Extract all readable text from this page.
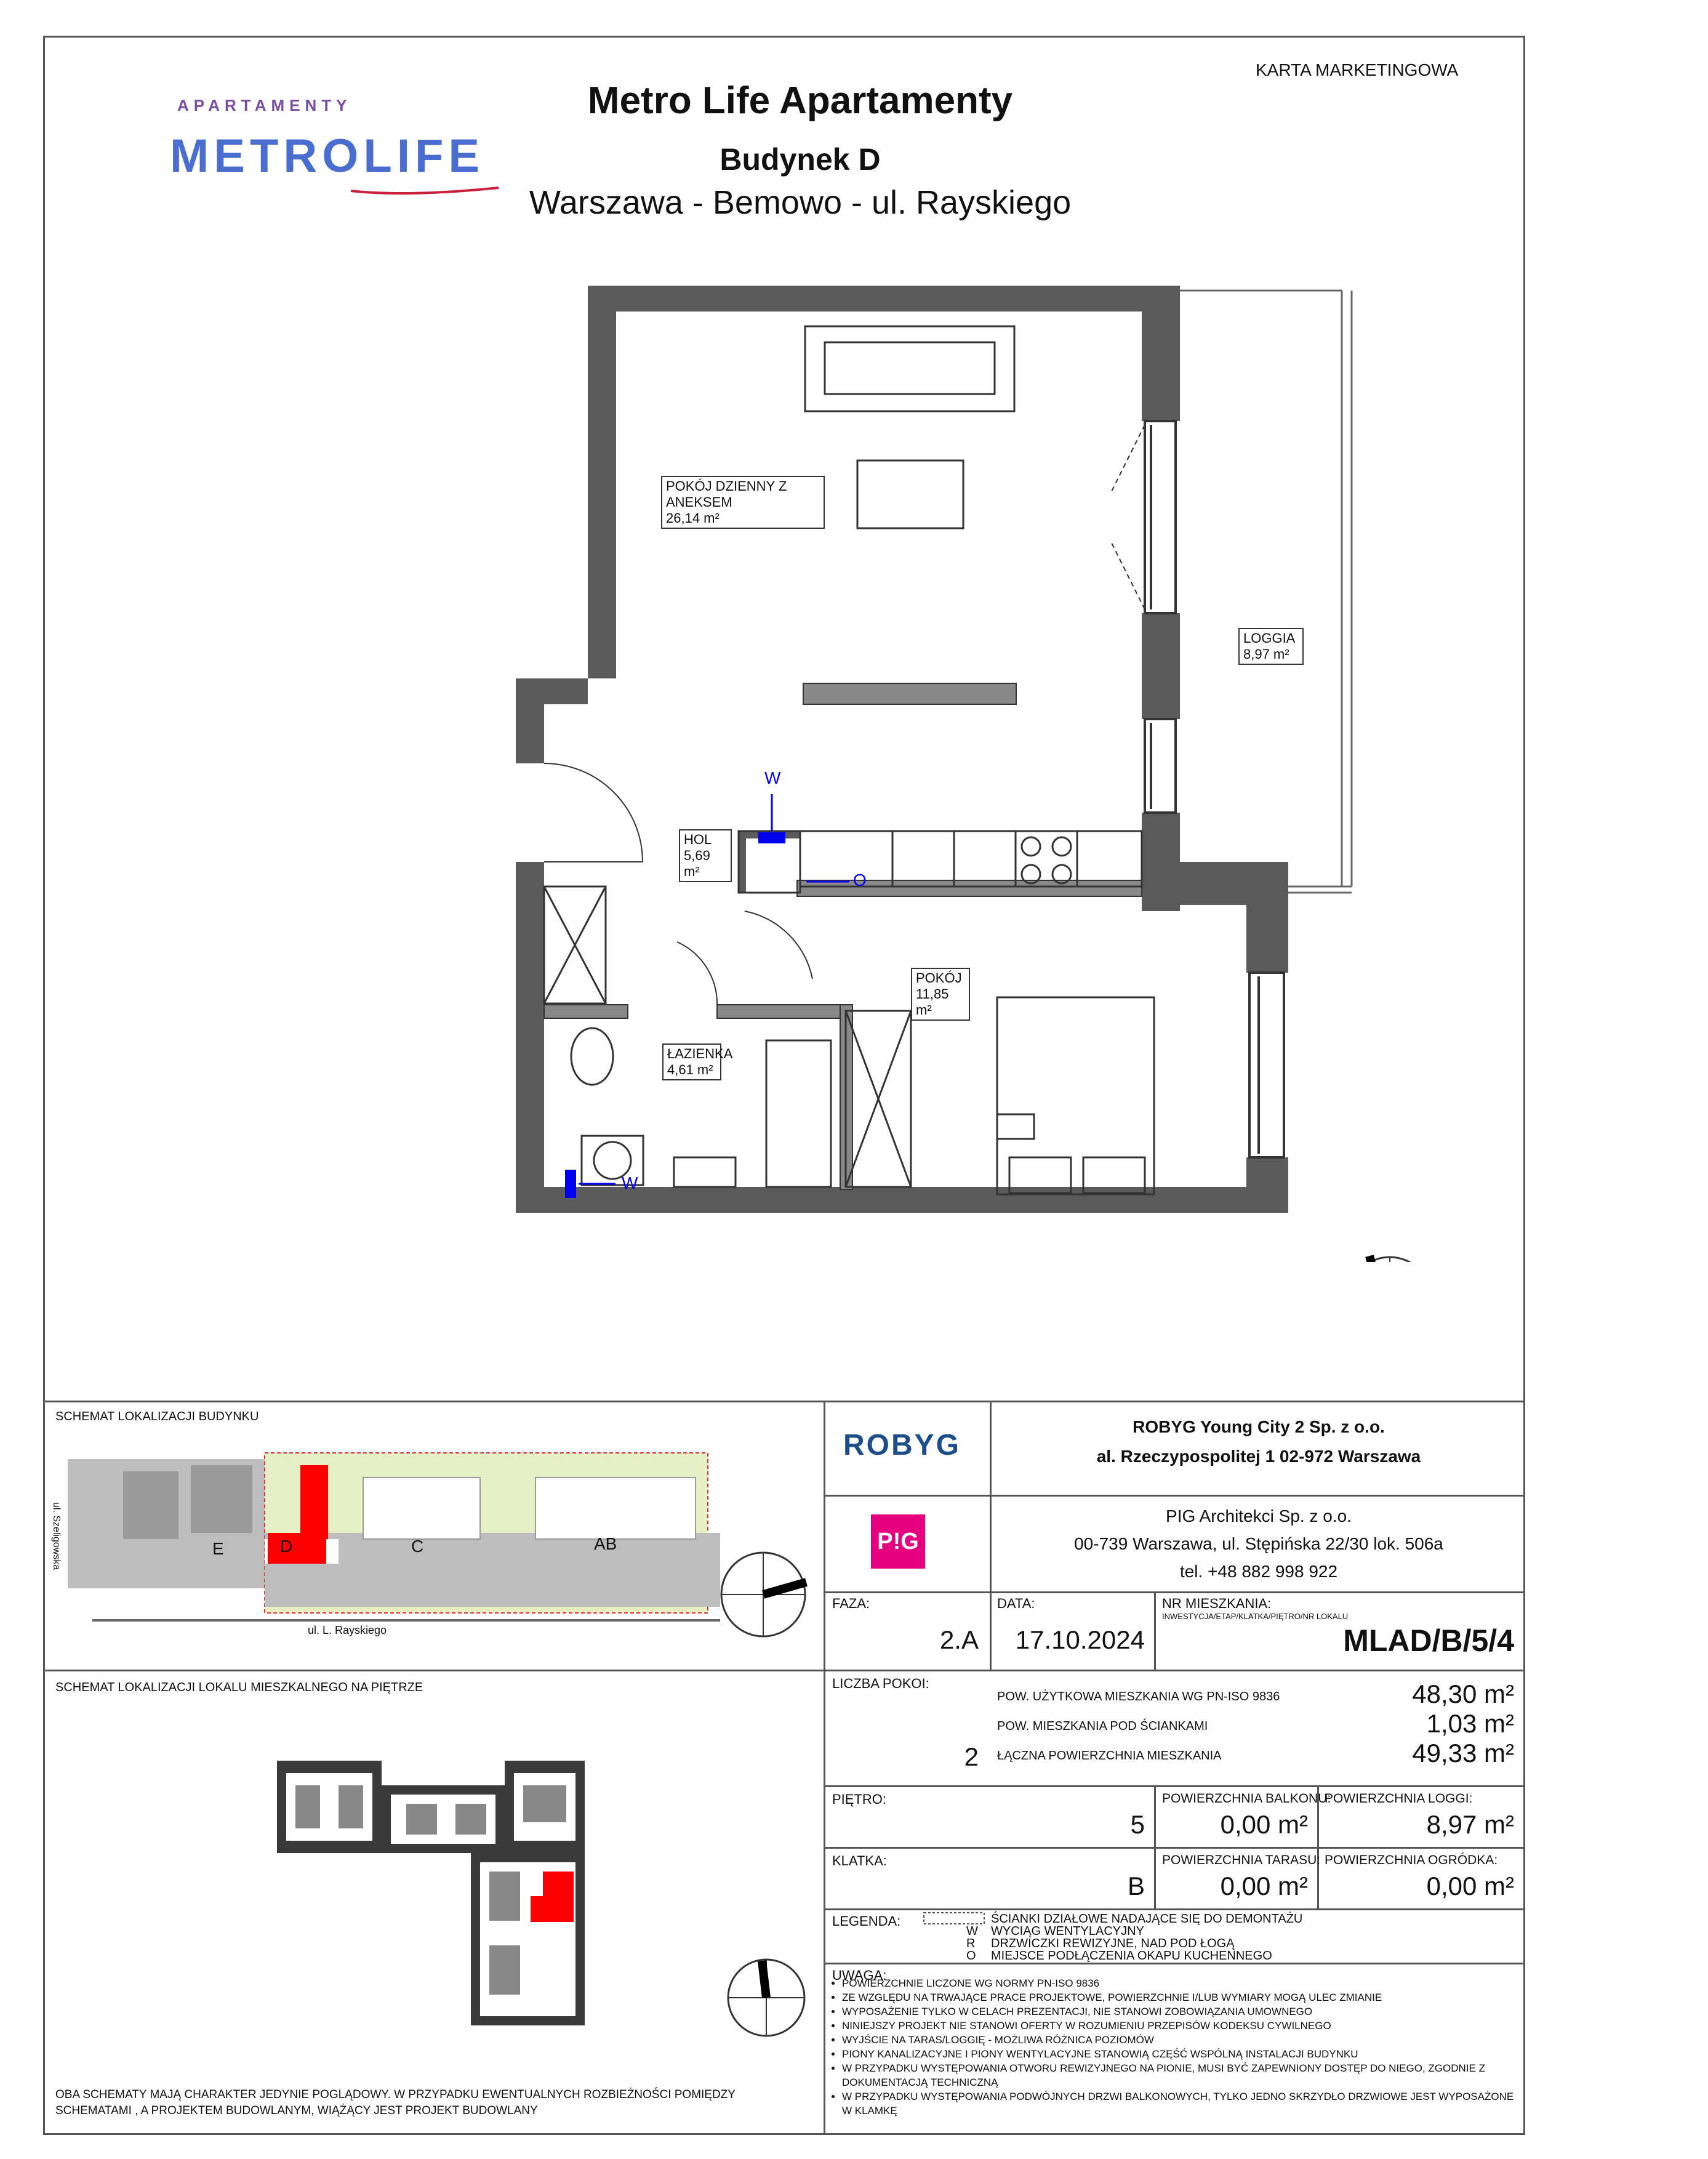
APARTAMENTY
METROLIFE
Metro Life Apartamenty
Budynek D
Warszawa - Bemowo - ul. Rayskiego
KARTA MARKETINGOWA
POKÓJ DZIENNY Z ANEKSEM
26,14 m²
LOGGIA
8,97 m²
HOL
5,69 m²
POKÓJ
11,85 m²
ŁAZIENKA
4,61 m²
W
W
O
SCHEMAT LOKALIZACJI BUDYNKU
E	D	C	AB
ul. Szeligowska
ul. L. Rayskiego
SCHEMAT LOKALIZACJI LOKALU MIESZKALNEGO NA PIĘTRZE
OBA SCHEMATY MAJĄ CHARAKTER JEDYNIE POGLĄDOWY. W PRZYPADKU EWENTUALNYCH ROZBIEŻNOŚCI POMIĘDZY SCHEMATAMI , A PROJEKTEM BUDOWLANYM, WIĄŻĄCY JEST PROJEKT BUDOWLANY
ROBYG
ROBYG Young City 2 Sp. z o.o.
al. Rzeczypospolitej 1 02-972 Warszawa
P!G
PIG Architekci Sp. z o.o.
00-739 Warszawa, ul. Stępińska 22/30 lok. 506a
tel. +48 882 998 922
FAZA:
2.A
DATA:
17.10.2024
NR MIESZKANIA:
INWESTYCJA/ETAP/KLATKA/PIĘTRO/NR LOKALU
MLAD/B/5/4
LICZBA POKOI:
2
POW. UŻYTKOWA MIESZKANIA WG PN-ISO 9836	48,30 m²
POW. MIESZKANIA POD ŚCIANKAMI	1,03 m²
ŁĄCZNA POWIERZCHNIA MIESZKANIA	49,33 m²
PIĘTRO:
5
POWIERZCHNIA BALKONU:
0,00 m²
POWIERZCHNIA LOGGI:
8,97 m²
KLATKA:
B
POWIERZCHNIA TARASU:
0,00 m²
POWIERZCHNIA OGRÓDKA:
0,00 m²
LEGENDA:	ŚCIANKI DZIAŁOWE NADAJĄCE SIĘ DO DEMONTAŻU
W WYCIĄG WENTYLACYJNY
R DRZWICZKI REWIZYJNE, NAD POD ŁOGĄ
O MIEJSCE PODŁĄCZENIA OKAPU KUCHENNEGO
UWAGA:
• POWIERZCHNIE LICZONE WG NORMY PN-ISO 9836
• ZE WZGLĘDU NA TRWAJĄCE PRACE PROJEKTOWE, POWIERZCHNIE I/LUB WYMIARY MOGĄ ULEC ZMIANIE
• WYPOSAŻENIE TYLKO W CELACH PREZENTACJI, NIE STANOWI ZOBOWIĄZANIA UMOWNEGO
• NINIEJSZY PROJEKT NIE STANOWI OFERTY W ROZUMIENIU PRZEPISÓW KODEKSU CYWILNEGO
• WYJŚCIE NA TARAS/LOGGIĘ - MOŻLIWA RÓŻNICA POZIOMÓW
• PIONY KANALIZACYJNE I PIONY WENTYLACYJNE STANOWIĄ CZĘŚĆ WSPÓLNĄ INSTALACJI BUDYNKU
• W PRZYPADKU WYSTĘPOWANIA OTWORU REWIZYJNEGO NA PIONIE, MUSI BYĆ ZAPEWNIONY DOSTĘP DO NIEGO, ZGODNIE Z DOKUMENTACJĄ TECHNICZNĄ
• W PRZYPADKU WYSTĘPOWANIA PODWÓJNYCH DRZWI BALKONOWYCH, TYLKO JEDNO SKRZYDŁO DRZWIOWE JEST WYPOSAŻONE W KLAMKĘ
